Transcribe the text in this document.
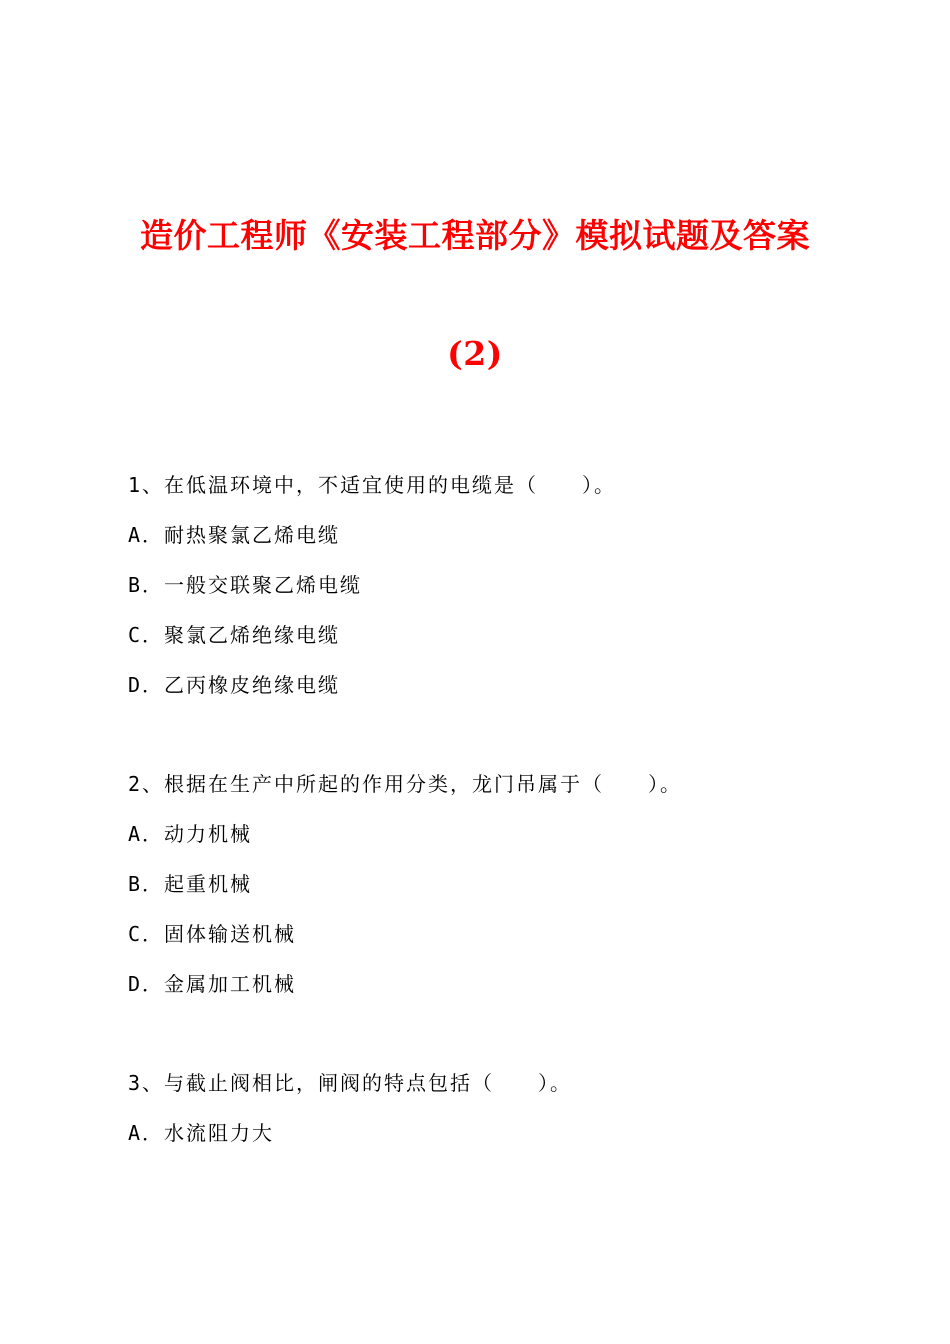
造价工程师《安装工程部分》模拟试题及答案
(2)
1、在低温环境中，不适宜使用的电缆是（　　）。
A．耐热聚氯乙烯电缆
B．一般交联聚乙烯电缆
C．聚氯乙烯绝缘电缆
D．乙丙橡皮绝缘电缆
2、根据在生产中所起的作用分类，龙门吊属于（　　）。
A．动力机械
B．起重机械
C．固体输送机械
D．金属加工机械
3、与截止阀相比，闸阀的特点包括（　　）。
A．水流阻力大
